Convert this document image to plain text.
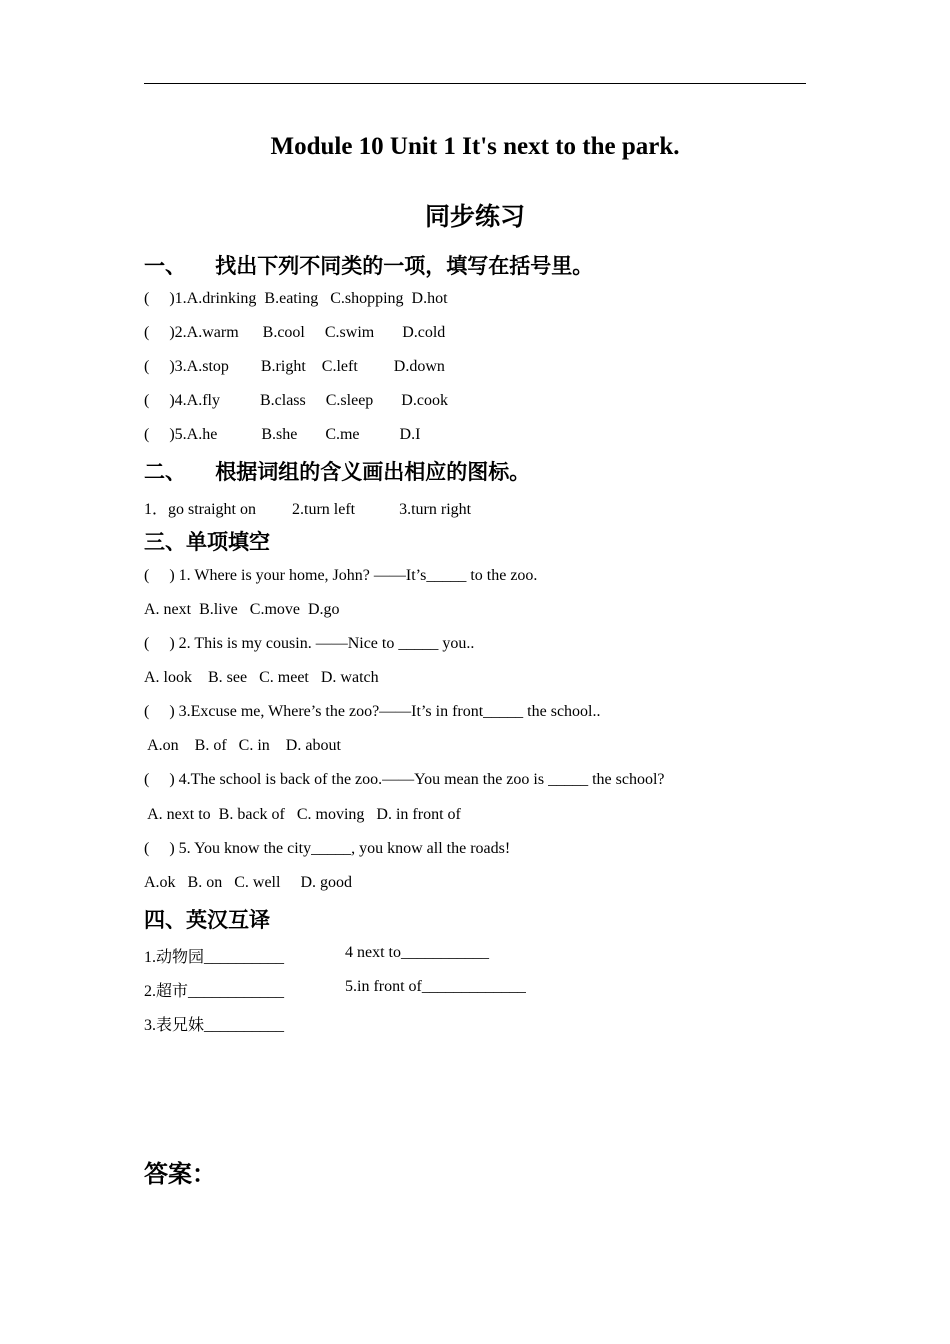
Module 10 Unit 1 It's next to the park.
同步练习
一、    找出下列不同类的一项，填写在括号里。
(     )1.A.drinking  B.eating   C.shopping  D.hot
(     )2.A.warm      B.cool     C.swim       D.cold
(     )3.A.stop        B.right    C.left         D.down
(     )4.A.fly          B.class     C.sleep       D.cook
(     )5.A.he           B.she       C.me          D.I
二、    根据词组的含义画出相应的图标。
1．go straight on         2.turn left           3.turn right
三、单项填空
(     ) 1. Where is your home, John? ——It’s_____ to the zoo.
A. next  B.live   C.move  D.go
(     ) 2. This is my cousin. ——Nice to _____ you..
A. look    B. see   C. meet   D. watch
(     ) 3.Excuse me, Where’s the zoo?——It’s in front_____ the school..
A.on    B. of   C. in    D. about
(     ) 4.The school is back of the zoo.——You mean the zoo is _____ the school?
A. next to  B. back of   C. moving   D. in front of
(     ) 5. You know the city_____, you know all the roads!
A.ok   B. on   C. well     D. good
四、英汉互译
1.动物园__________	4 next to___________
2.超市____________	5.in front of_____________
3.表兄妹__________
答案：
